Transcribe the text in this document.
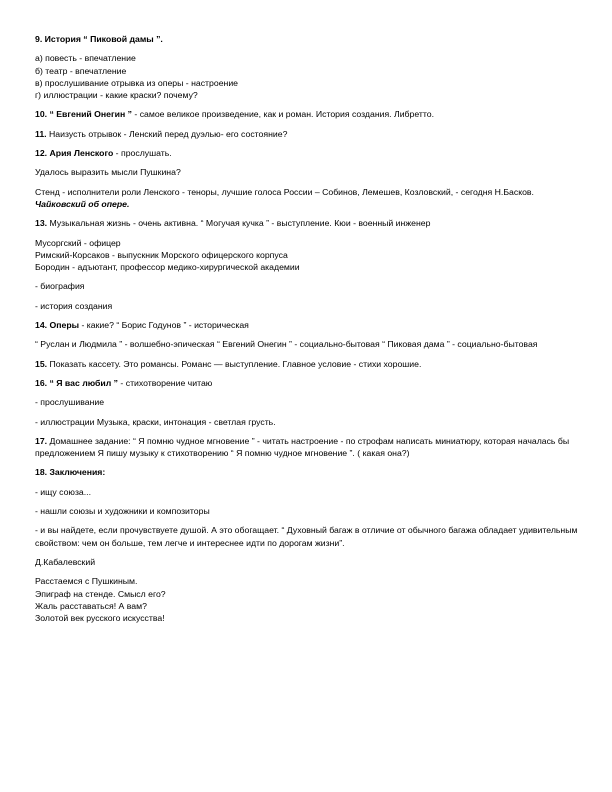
9. История “ Пиковой дамы ”.

а) повесть - впечатление
б) театр - впечатление
в) прослушивание отрывка из оперы - настроение
г) иллюстрации - какие краски? почему?

10. “ Евгений Онегин ” - самое великое произведение, как и роман. История создания. Либретто.

11. Наизусть отрывок - Ленский перед дуэлью- его состояние?

12. Ария Ленского - прослушать.

Удалось выразить мысли Пушкина?

Стенд - исполнители роли Ленского - теноры, лучшие голоса России – Собинов, Лемешев, Козловский, - сегодня Н.Басков. Чайковский об опере.

13. Музыкальная жизнь - очень активна. “ Могучая кучка ” - выступление. Кюи - военный инженер

Мусоргский - офицер
Римский-Корсаков - выпускник Морского офицерского корпуса
Бородин - адъютант, профессор медико-хирургической академии

- биография

- история создания

14. Оперы - какие? “ Борис Годунов ” - историческая

“ Руслан и Людмила ” - волшебно-эпическая “ Евгений Онегин ” - социально-бытовая “ Пиковая дама ” - социально-бытовая

15. Показать кассету. Это романсы. Романс — выступление. Главное условие - стихи хорошие.

16. “ Я вас любил ” - стихотворение читаю

- прослушивание

- иллюстрации Музыка, краски, интонация - светлая грусть.

17. Домашнее задание: “ Я помню чудное мгновение ” - читать настроение - по строфам написать миниатюру, которая началась бы предложением Я пишу музыку к стихотворению “ Я помню чудное мгновение ”. ( какая она?)

18. Заключения:

- ищу союза...

- нашли союзы и художники и композиторы

- и вы найдете, если прочувствуете душой. А это обогащает. “ Духовный багаж в отличие от обычного багажа обладает удивительным свойством: чем он больше, тем легче и интереснее идти по дорогам жизни”.

Д.Кабалевский

Расстаемся с Пушкиным.
Эпиграф на стенде. Смысл его?
Жаль расставаться! А вам?
Золотой век русского искусства!
